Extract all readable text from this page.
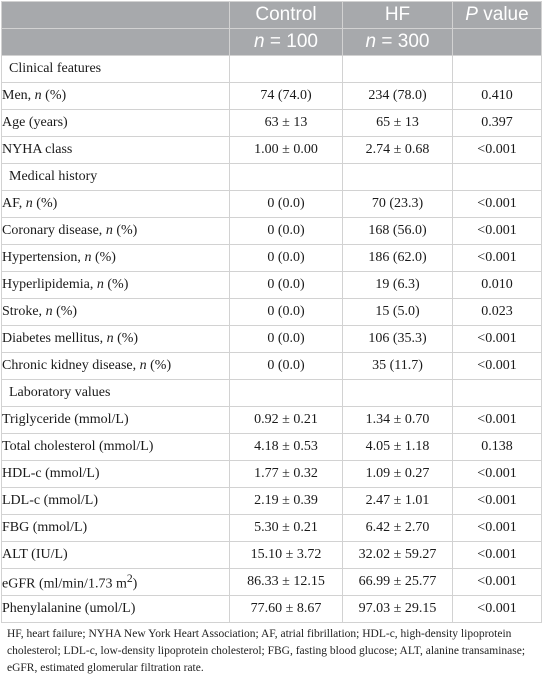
	Control	HF	P value
	n = 100	n = 300	
Clinical features			
Men, n (%)	74 (74.0)	234 (78.0)	0.410
Age (years)	63 ± 13	65 ± 13	0.397
NYHA class	1.00 ± 0.00	2.74 ± 0.68	<0.001
Medical history			
AF, n (%)	0 (0.0)	70 (23.3)	<0.001
Coronary disease, n (%)	0 (0.0)	168 (56.0)	<0.001
Hypertension, n (%)	0 (0.0)	186 (62.0)	<0.001
Hyperlipidemia, n (%)	0 (0.0)	19 (6.3)	0.010
Stroke, n (%)	0 (0.0)	15 (5.0)	0.023
Diabetes mellitus, n (%)	0 (0.0)	106 (35.3)	<0.001
Chronic kidney disease, n (%)	0 (0.0)	35 (11.7)	<0.001
Laboratory values			
Triglyceride (mmol/L)	0.92 ± 0.21	1.34 ± 0.70	<0.001
Total cholesterol (mmol/L)	4.18 ± 0.53	4.05 ± 1.18	0.138
HDL-c (mmol/L)	1.77 ± 0.32	1.09 ± 0.27	<0.001
LDL-c (mmol/L)	2.19 ± 0.39	2.47 ± 1.01	<0.001
FBG (mmol/L)	5.30 ± 0.21	6.42 ± 2.70	<0.001
ALT (IU/L)	15.10 ± 3.72	32.02 ± 59.27	<0.001
eGFR (ml/min/1.73 $m^2$)	86.33 ± 12.15	66.99 ± 25.77	<0.001
Phenylalanine (umol/L)	77.60 ± 8.67	97.03 ± 29.15	<0.001
HF, heart failure; NYHA New York Heart Association; AF, atrial fibrillation; HDL-c, high-density lipoprotein cholesterol; LDL-c, low-density lipoprotein cholesterol; FBG, fasting blood glucose; ALT, alanine transaminase; eGFR, estimated glomerular filtration rate.
